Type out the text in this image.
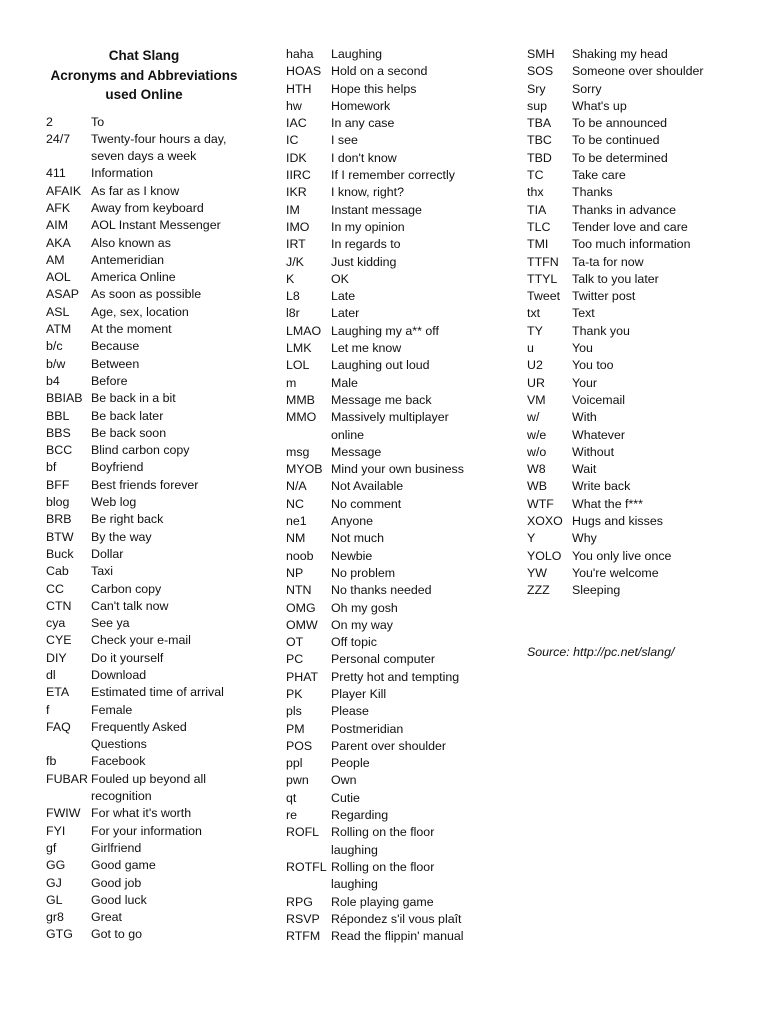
Chat Slang
Acronyms and Abbreviations
used Online
2	To
24/7	Twenty-four hours a day, seven days a week
411	Information
AFAIK As far as I know
AFK	Away from keyboard
AIM	AOL Instant Messenger
AKA	Also known as
AM	Antemeridian
AOL	America Online
ASAP As soon as possible
ASL	Age, sex, location
ATM	At the moment
b/c	Because
b/w	Between
b4	Before
BBIAB Be back in a bit
BBL	Be back later
BBS	Be back soon
BCC	Blind carbon copy
bf	Boyfriend
BFF	Best friends forever
blog	Web log
BRB	Be right back
BTW	By the way
Buck	Dollar
Cab	Taxi
CC	Carbon copy
CTN	Can't talk now
cya	See ya
CYE	Check your e-mail
DIY	Do it yourself
dl	Download
ETA	Estimated time of arrival
f	Female
FAQ	Frequently Asked Questions
fb	Facebook
FUBAR Fouled up beyond all recognition
FWIW For what it's worth
FYI	For your information
gf	Girlfriend
GG	Good game
GJ	Good job
GL	Good luck
gr8	Great
GTG	Got to go
haha	Laughing
HOAS Hold on a second
HTH	Hope this helps
hw	Homework
IAC	In any case
IC	I see
IDK	I don't know
IIRC	If I remember correctly
IKR	I know, right?
IM	Instant message
IMO	In my opinion
IRT	In regards to
J/K	Just kidding
K	OK
L8	Late
l8r	Later
LMAO Laughing my a** off
LMK	Let me know
LOL	Laughing out loud
m	Male
MMB	Message me back
MMO	Massively multiplayer online
msg	Message
MYOB Mind your own business
N/A	Not Available
NC	No comment
ne1	Anyone
NM	Not much
noob	Newbie
NP	No problem
NTN	No thanks needed
OMG	Oh my gosh
OMW	On my way
OT	Off topic
PC	Personal computer
PHAT	Pretty hot and tempting
PK	Player Kill
pls	Please
PM	Postmeridian
POS	Parent over shoulder
ppl	People
pwn	Own
qt	Cutie
re	Regarding
ROFL Rolling on the floor laughing
ROTFL Rolling on the floor laughing
RPG	Role playing game
RSVP Répondez s'il vous plaît
RTFM Read the flippin' manual
SMH	Shaking my head
SOS	Someone over shoulder
Sry	Sorry
sup	What's up
TBA	To be announced
TBC	To be continued
TBD	To be determined
TC	Take care
thx	Thanks
TIA	Thanks in advance
TLC	Tender love and care
TMI	Too much information
TTFN	Ta-ta for now
TTYL	Talk to you later
Tweet Twitter post
txt	Text
TY	Thank you
u	You
U2	You too
UR	Your
VM	Voicemail
w/	With
w/e	Whatever
w/o	Without
W8	Wait
WB	Write back
WTF	What the f***
XOXO Hugs and kisses
Y	Why
YOLO You only live once
YW	You're welcome
ZZZ	Sleeping
Source: http://pc.net/slang/
